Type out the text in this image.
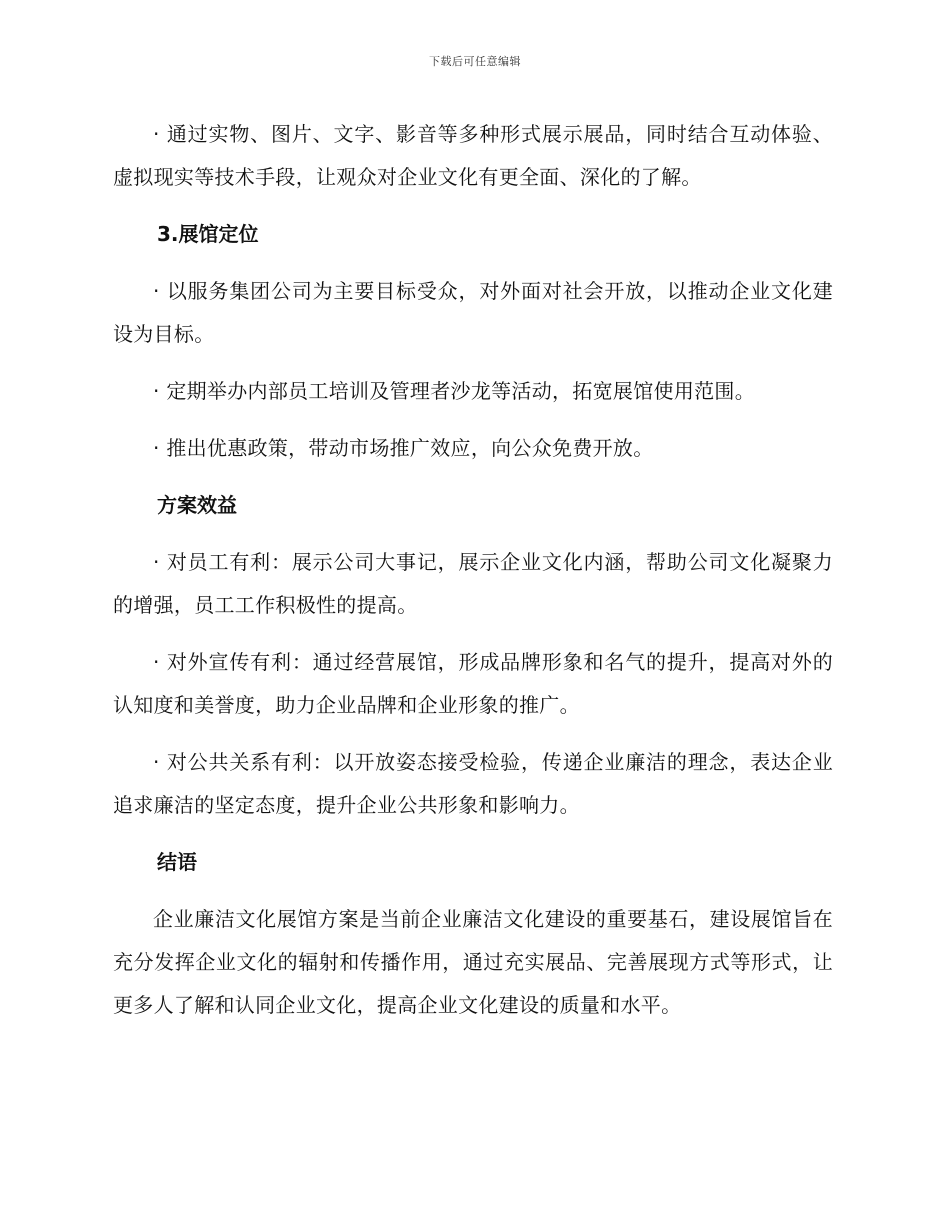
下载后可任意编辑

· 通过实物、图片、文字、影音等多种形式展示展品，同时结合互动体验、虚拟现实等技术手段，让观众对企业文化有更全面、深化的了解。

3.展馆定位

· 以服务集团公司为主要目标受众，对外面对社会开放，以推动企业文化建设为目标。

· 定期举办内部员工培训及管理者沙龙等活动，拓宽展馆使用范围。

· 推出优惠政策，带动市场推广效应，向公众免费开放。

方案效益

· 对员工有利：展示公司大事记，展示企业文化内涵，帮助公司文化凝聚力的增强，员工工作积极性的提高。

· 对外宣传有利：通过经营展馆，形成品牌形象和名气的提升，提高对外的认知度和美誉度，助力企业品牌和企业形象的推广。

· 对公共关系有利：以开放姿态接受检验，传递企业廉洁的理念，表达企业追求廉洁的坚定态度，提升企业公共形象和影响力。

结语

企业廉洁文化展馆方案是当前企业廉洁文化建设的重要基石，建设展馆旨在充分发挥企业文化的辐射和传播作用，通过充实展品、完善展现方式等形式，让更多人了解和认同企业文化，提高企业文化建设的质量和水平。
